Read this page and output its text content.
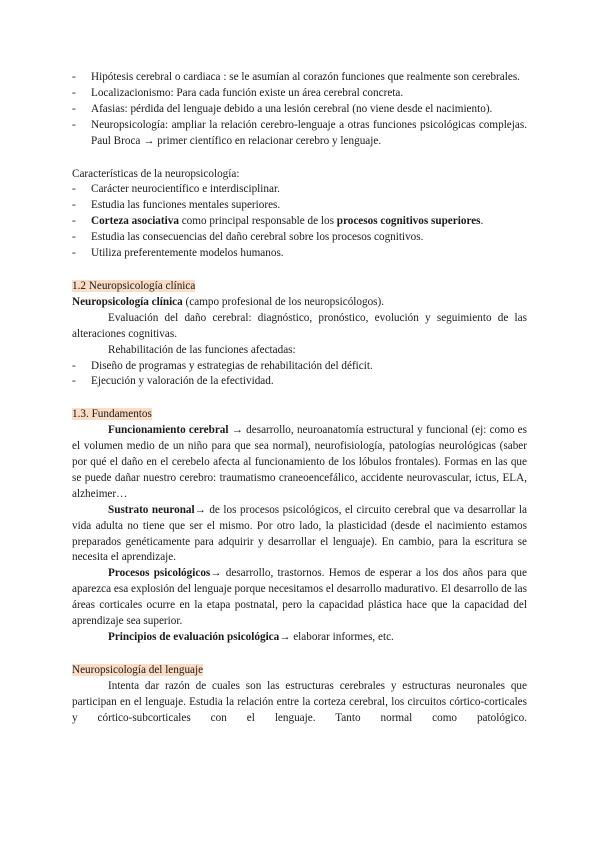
- Hipótesis cerebral o cardiaca : se le asumían al corazón funciones que realmente son cerebrales.
- Localizacionismo: Para cada función existe un área cerebral concreta.
- Afasias: pérdida del lenguaje debido a una lesión cerebral (no viene desde el nacimiento).
- Neuropsicología: ampliar la relación cerebro-lenguaje a otras funciones psicológicas complejas. Paul Broca → primer científico en relacionar cerebro y lenguaje.
Características de la neuropsicología:
- Carácter neurocientífico e interdisciplinar.
- Estudia las funciones mentales superiores.
- Corteza asociativa como principal responsable de los procesos cognitivos superiores.
- Estudia las consecuencias del daño cerebral sobre los procesos cognitivos.
- Utiliza preferentemente modelos humanos.
1.2 Neuropsicología clínica
Neuropsicología clínica (campo profesional de los neuropsicólogos).
Evaluación del daño cerebral: diagnóstico, pronóstico, evolución y seguimiento de las alteraciones cognitivas.
Rehabilitación de las funciones afectadas:
- Diseño de programas y estrategias de rehabilitación del déficit.
- Ejecución y valoración de la efectividad.
1.3. Fundamentos
Funcionamiento cerebral → desarrollo, neuroanatomía estructural y funcional (ej: como es el volumen medio de un niño para que sea normal), neurofisiología, patologías neurológicas (saber por qué el daño en el cerebelo afecta al funcionamiento de los lóbulos frontales). Formas en las que se puede dañar nuestro cerebro: traumatismo craneoencefálico, accidente neurovascular, ictus, ELA, alzheimer…
Sustrato neuronal→ de los procesos psicológicos, el circuito cerebral que va desarrollar la vida adulta no tiene que ser el mismo. Por otro lado, la plasticidad (desde el nacimiento estamos preparados genéticamente para adquirir y desarrollar el lenguaje). En cambio, para la escritura se necesita el aprendizaje.
Procesos psicológicos→ desarrollo, trastornos. Hemos de esperar a los dos años para que aparezca esa explosión del lenguaje porque necesitamos el desarrollo madurativo. El desarrollo de las áreas corticales ocurre en la etapa postnatal, pero la capacidad plástica hace que la capacidad del aprendizaje sea superior.
Principios de evaluación psicológica→ elaborar informes, etc.
Neuropsicología del lenguaje
Intenta dar razón de cuales son las estructuras cerebrales y estructuras neuronales que participan en el lenguaje. Estudia la relación entre la corteza cerebral, los circuitos córtico-corticales y córtico-subcorticales con el lenguaje. Tanto normal como patológico.
